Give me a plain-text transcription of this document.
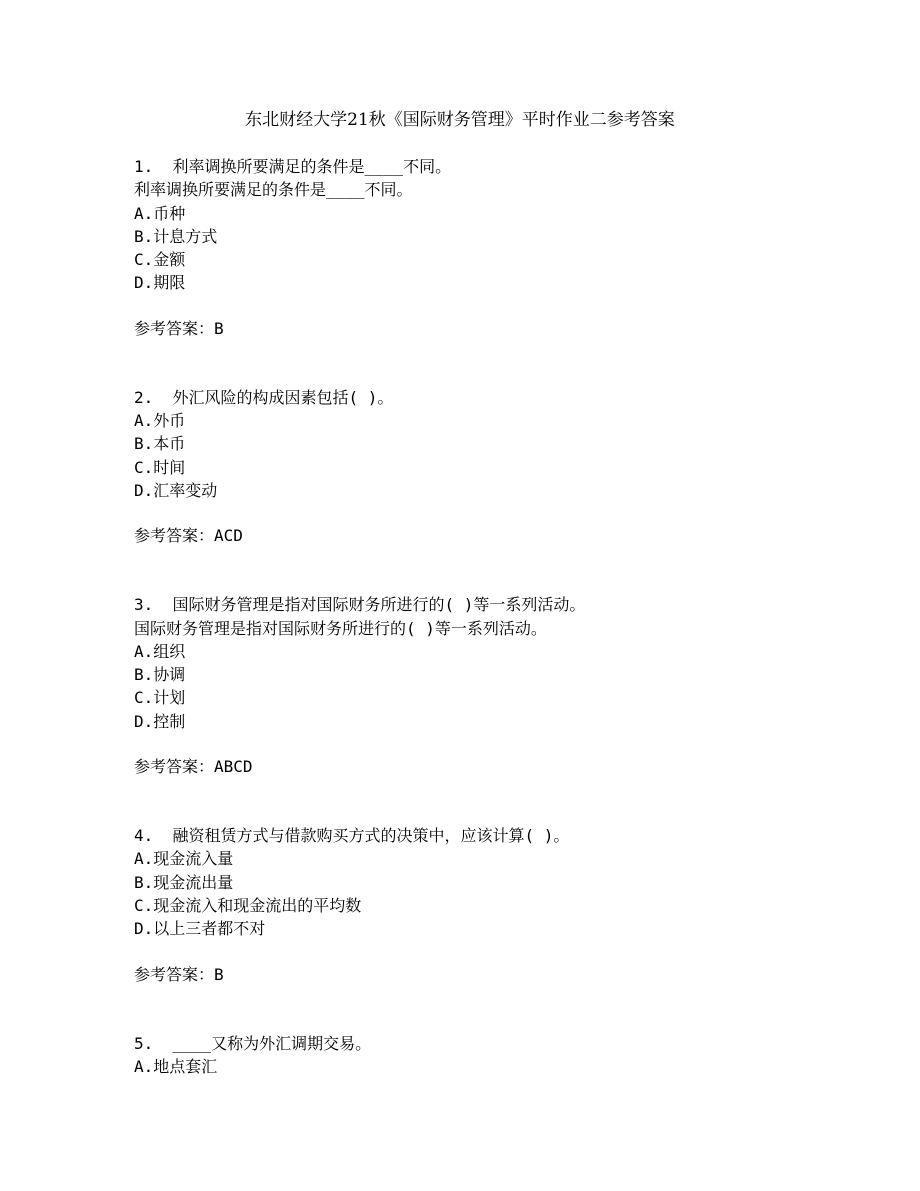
东北财经大学21秋《国际财务管理》平时作业二参考答案
1. 利率调换所要满足的条件是____不同。
利率调换所要满足的条件是____不同。
A.币种
B.计息方式
C.金额
D.期限
参考答案：B
2. 外汇风险的构成因素包括( )。
A.外币
B.本币
C.时间
D.汇率变动
参考答案：ACD
3. 国际财务管理是指对国际财务所进行的( )等一系列活动。
国际财务管理是指对国际财务所进行的( )等一系列活动。
A.组织
B.协调
C.计划
D.控制
参考答案：ABCD
4. 融资租赁方式与借款购买方式的决策中，应该计算( )。
A.现金流入量
B.现金流出量
C.现金流入和现金流出的平均数
D.以上三者都不对
参考答案：B
5. ____又称为外汇调期交易。
A.地点套汇
